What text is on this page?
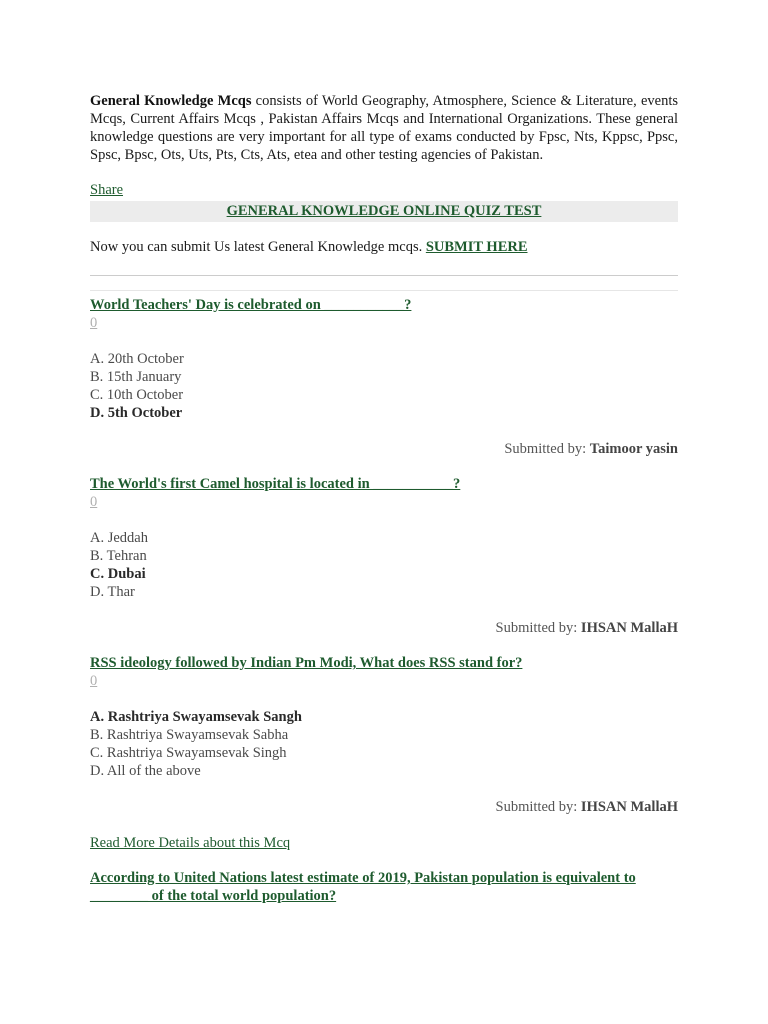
General Knowledge Mcqs consists of World Geography, Atmosphere, Science & Literature, events Mcqs, Current Affairs Mcqs , Pakistan Affairs Mcqs and International Organizations. These general knowledge questions are very important for all type of exams conducted by Fpsc, Nts, Kppsc, Ppsc, Spsc, Bpsc, Ots, Uts, Pts, Cts, Ats, etea and other testing agencies of Pakistan.

Share
GENERAL KNOWLEDGE ONLINE QUIZ TEST
Now you can submit Us latest General Knowledge mcqs. SUBMIT HERE
World Teachers' Day is celebrated on ___________?
0
A. 20th October
B. 15th January
C. 10th October
D. 5th October
Submitted by: Taimoor yasin
The World's first Camel hospital is located in ___________?
0
A. Jeddah
B. Tehran
C. Dubai
D. Thar
Submitted by: IHSAN MallaH
RSS ideology followed by Indian Pm Modi, What does RSS stand for?
0
A. Rashtriya Swayamsevak Sangh
B. Rashtriya Swayamsevak Sabha
C. Rashtriya Swayamsevak Singh
D. All of the above
Submitted by: IHSAN MallaH
Read More Details about this Mcq
According to United Nations latest estimate of 2019, Pakistan population is equivalent to
________ of the total world population?
